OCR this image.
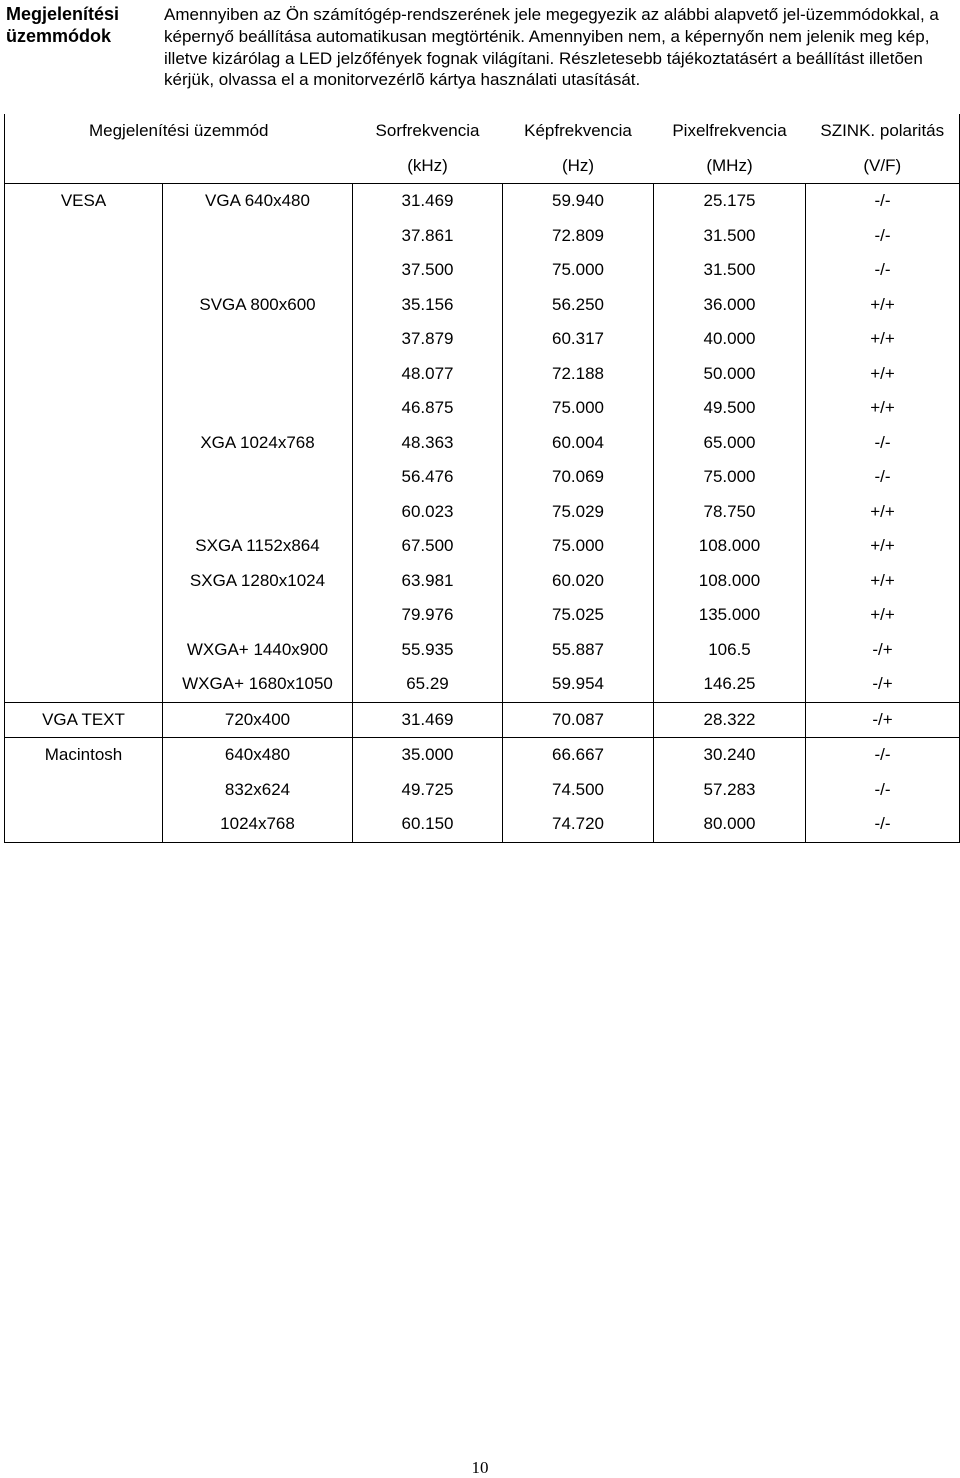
Megjelenítési
üzemmódok
Amennyiben az Ön számítógép-rendszerének jele megegyezik az alábbi alapvető jel-üzemmódokkal, a képernyő beállítása automatikusan megtörténik. Amennyiben nem, a képernyőn nem jelenik meg kép, illetve kizárólag a LED jelzőfények fognak világítani. Részletesebb tájékoztatásért a beállítást illetõen kérjük, olvassa el a monitorvezérlõ kártya használati utasítását.
Megjelenítési üzemmód		Sorfrekvencia	Képfrekvencia	Pixelfrekvencia	SZINK. polaritás
		(kHz)	(Hz)	(MHz)	(V/F)
VESA	VGA 640x480	31.469	59.940	25.175	-/-
		37.861	72.809	31.500	-/-
		37.500	75.000	31.500	-/-
	SVGA 800x600	35.156	56.250	36.000	+/+
		37.879	60.317	40.000	+/+
		48.077	72.188	50.000	+/+
		46.875	75.000	49.500	+/+
	XGA 1024x768	48.363	60.004	65.000	-/-
		56.476	70.069	75.000	-/-
		60.023	75.029	78.750	+/+
	SXGA 1152x864	67.500	75.000	108.000	+/+
	SXGA 1280x1024	63.981	60.020	108.000	+/+
		79.976	75.025	135.000	+/+
	WXGA+ 1440x900	55.935	55.887	106.5	-/+
	WXGA+ 1680x1050	65.29	59.954	146.25	-/+
VGA TEXT	720x400	31.469	70.087	28.322	-/+
Macintosh	640x480	35.000	66.667	30.240	-/-
	832x624	49.725	74.500	57.283	-/-
	1024x768	60.150	74.720	80.000	-/-
10
